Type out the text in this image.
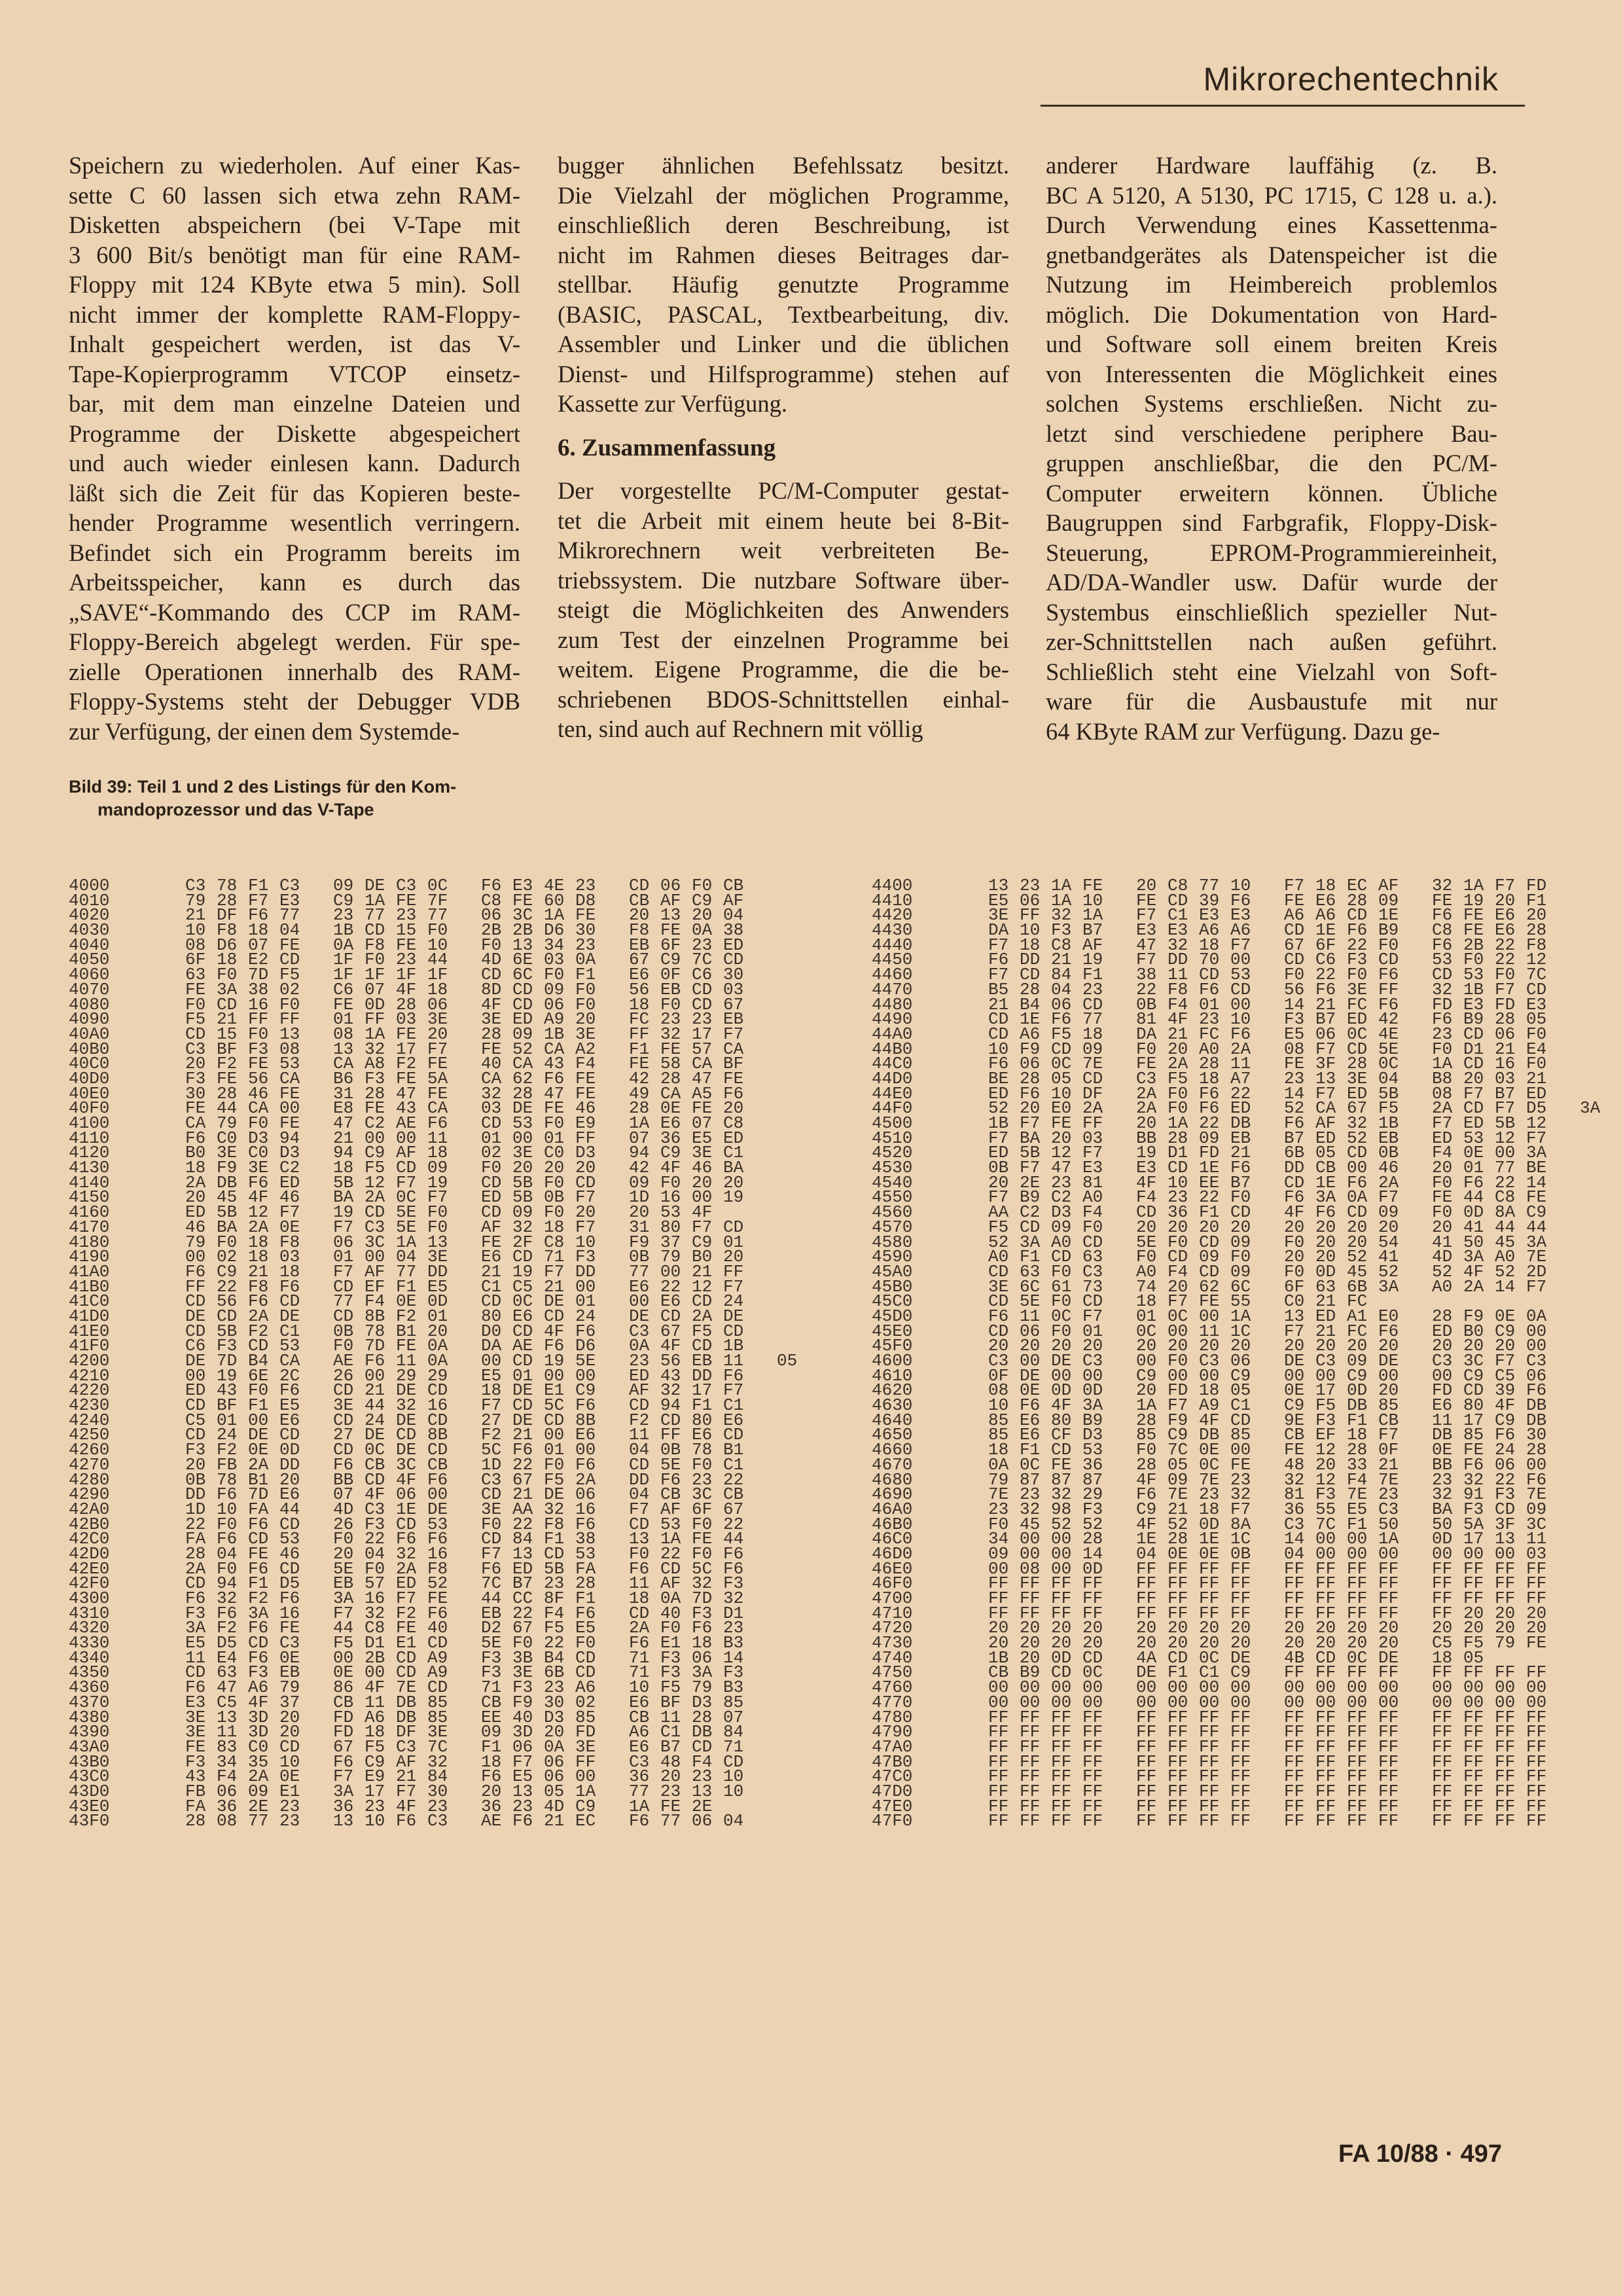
Mikrorechentechnik
Speichern zu wiederholen. Auf einer Kas-
sette C 60 lassen sich etwa zehn RAM-
Disketten abspeichern (bei V-Tape mit
3 600 Bit/s benötigt man für eine RAM-
Floppy mit 124 KByte etwa 5 min). Soll
nicht immer der komplette RAM-Floppy-
Inhalt gespeichert werden, ist das V-
Tape-Kopierprogramm VTCOP einsetz-
bar, mit dem man einzelne Dateien und
Programme der Diskette abgespeichert
und auch wieder einlesen kann. Dadurch
läßt sich die Zeit für das Kopieren beste-
hender Programme wesentlich verringern.
Befindet sich ein Programm bereits im
Arbeitsspeicher, kann es durch das
„SAVE“-Kommando des CCP im RAM-
Floppy-Bereich abgelegt werden. Für spe-
zielle Operationen innerhalb des RAM-
Floppy-Systems steht der Debugger VDB
zur Verfügung, der einen dem Systemde-
bugger ähnlichen Befehlssatz besitzt.
Die Vielzahl der möglichen Programme,
einschließlich deren Beschreibung, ist
nicht im Rahmen dieses Beitrages dar-
stellbar. Häufig genutzte Programme
(BASIC, PASCAL, Textbearbeitung, div.
Assembler und Linker und die üblichen
Dienst- und Hilfsprogramme) stehen auf
Kassette zur Verfügung.
6. Zusammenfassung
Der vorgestellte PC/M-Computer gestat-
tet die Arbeit mit einem heute bei 8-Bit-
Mikrorechnern weit verbreiteten Be-
triebssystem. Die nutzbare Software über-
steigt die Möglichkeiten des Anwenders
zum Test der einzelnen Programme bei
weitem. Eigene Programme, die die be-
schriebenen BDOS-Schnittstellen einhal-
ten, sind auch auf Rechnern mit völlig
anderer Hardware lauffähig (z. B.
BC A 5120, A 5130, PC 1715, C 128 u. a.).
Durch Verwendung eines Kassettenma-
gnetbandgerätes als Datenspeicher ist die
Nutzung im Heimbereich problemlos
möglich. Die Dokumentation von Hard-
und Software soll einem breiten Kreis
von Interessenten die Möglichkeit eines
solchen Systems erschließen. Nicht zu-
letzt sind verschiedene periphere Bau-
gruppen anschließbar, die den PC/M-
Computer erweitern können. Übliche
Baugruppen sind Farbgrafik, Floppy-Disk-
Steuerung, EPROM-Programmiereinheit,
AD/DA-Wandler usw. Dafür wurde der
Systembus einschließlich spezieller Nut-
zer-Schnittstellen nach außen geführt.
Schließlich steht eine Vielzahl von Soft-
ware für die Ausbaustufe mit nur
64 KByte RAM zur Verfügung. Dazu ge-
Bild 39: Teil 1 und 2 des Listings für den Kom-
mandoprozessor und das V-Tape
4000	C3 78 F1 C3 09 DE C3 0C F6 E3 4E 23 CD 06 F0 CB
4010	79 28 F7 E3 C9 1A FE 7F C8 FE 60 D8 CB AF C9 AF
4020	21 DF F6 77 23 77 23 77 06 3C 1A FE 20 13 20 04
4030	10 F8 18 04 1B CD 15 F0 2B 2B D6 30 F8 FE 0A 38
4040	08 D6 07 FE 0A F8 FE 10 F0 13 34 23 EB 6F 23 ED
4050	6F 18 E2 CD 1F F0 23 44 4D 6E 03 0A 67 C9 7C CD
4060	63 F0 7D F5 1F 1F 1F 1F CD 6C F0 F1 E6 0F C6 30
4070	FE 3A 38 02 C6 07 4F 18 8D CD 09 F0 56 EB CD 03
4080	F0 CD 16 F0 FE 0D 28 06 4F CD 06 F0 18 F0 CD 67
4090	F5 21 FF FF 01 FF 03 3E 3E ED A9 20 FC 23 23 EB
40A0	CD 15 F0 13 08 1A FE 20 28 09 1B 3E FF 32 17 F7
40B0	C3 BF F3 08 13 32 17 F7 FE 52 CA A2 F1 FE 57 CA
40C0	20 F2 FE 53 CA A8 F2 FE 40 CA 43 F4 FE 58 CA BF
40D0	F3 FE 56 CA B6 F3 FE 5A CA 62 F6 FE 42 28 47 FE
40E0	30 28 46 FE 31 28 47 FE 32 28 47 FE 49 CA A5 F6
40F0	FE 44 CA 00 E8 FE 43 CA 03 DE FE 46 28 0E FE 20
4100	CA 79 F0 FE 47 C2 AE F6 CD 53 F0 E9 1A E6 07 C8
4110	F6 C0 D3 94 21 00 00 11 01 00 01 FF 07 36 E5 ED
4120	B0 3E C0 D3 94 C9 AF 18 02 3E C0 D3 94 C9 3E C1
4130	18 F9 3E C2 18 F5 CD 09 F0 20 20 20 42 4F 46 BA
4140	2A DB F6 ED 5B 12 F7 19 CD 5B F0 CD 09 F0 20 20
4150	20 45 4F 46 BA 2A 0C F7 ED 5B 0B F7 1D 16 00 19
4160	ED 5B 12 F7 19 CD 5E F0 CD 09 F0 20 20 53 4F
4170	46 BA 2A 0E F7 C3 5E F0 AF 32 18 F7 31 80 F7 CD
4180	79 F0 18 F8 06 3C 1A 13 FE 2F C8 10 F9 37 C9 01
4190	00 02 18 03 01 00 04 3E E6 CD 71 F3 0B 79 B0 20
41A0	F6 C9 21 18 F7 AF 77 DD 21 19 F7 DD 77 00 21 FF
41B0	FF 22 F8 F6 CD EF F1 E5 C1 C5 21 00 E6 22 12 F7
41C0	CD 56 F6 CD 77 F4 0E 0D CD 0C DE 01 00 E6 CD 24
41D0	DE CD 2A DE CD 8B F2 01 80 E6 CD 24 DE CD 2A DE
41E0	CD 5B F2 C1 0B 78 B1 20 D0 CD 4F F6 C3 67 F5 CD
41F0	C6 F3 CD 53 F0 7D FE 0A DA AE F6 D6 0A 4F CD 1B
4200	DE 7D B4 CA AE F6 11 0A 00 CD 19 5E 23 56 EB 11 05
4210	00 19 6E 2C 26 00 29 29 E5 01 00 00 ED 43 DD F6
4220	ED 43 F0 F6 CD 21 DE CD 18 DE E1 C9 AF 32 17 F7
4230	CD BF F1 E5 3E 44 32 16 F7 CD 5C F6 CD 94 F1 C1
4240	C5 01 00 E6 CD 24 DE CD 27 DE CD 8B F2 CD 80 E6
4250	CD 24 DE CD 27 DE CD 8B F2 21 00 E6 11 FF E6 CD
4260	F3 F2 0E 0D CD 0C DE CD 5C F6 01 00 04 0B 78 B1
4270	20 FB 2A DD F6 CB 3C CB 1D 22 F0 F6 CD 5E F0 C1
4280	0B 78 B1 20 BB CD 4F F6 C3 67 F5 2A DD F6 23 22
4290	DD F6 7D E6 07 4F 06 00 CD 21 DE 06 04 CB 3C CB
42A0	1D 10 FA 44 4D C3 1E DE 3E AA 32 16 F7 AF 6F 67
42B0	22 F0 F6 CD 26 F3 CD 53 F0 22 F8 F6 CD 53 F0 22
42C0	FA F6 CD 53 F0 22 F6 F6 CD 84 F1 38 13 1A FE 44
42D0	28 04 FE 46 20 04 32 16 F7 13 CD 53 F0 22 F0 F6
42E0	2A F0 F6 CD 5E F0 2A F8 F6 ED 5B FA F6 CD 5C F6
42F0	CD 94 F1 D5 EB 57 ED 52 7C B7 23 28 11 AF 32 F3
4300	F6 32 F2 F6 3A 16 F7 FE 44 CC 8F F1 18 0A 7D 32
4310	F3 F6 3A 16 F7 32 F2 F6 EB 22 F4 F6 CD 40 F3 D1
4320	3A F2 F6 FE 44 C8 FE 40 D2 67 F5 E5 2A F0 F6 23
4330	E5 D5 CD C3 F5 D1 E1 CD 5E F0 22 F0 F6 E1 18 B3
4340	11 E4 F6 0E 00 2B CD A9 F3 3B B4 CD 71 F3 06 14
4350	CD 63 F3 EB 0E 00 CD A9 F3 3E 6B CD 71 F3 3A F3
4360	F6 47 A6 79 86 4F 7E CD 71 F3 23 A6 10 F5 79 B3
4370	E3 C5 4F 37 CB 11 DB 85 CB F9 30 02 E6 BF D3 85
4380	3E 13 3D 20 FD A6 DB 85 EE 40 D3 85 CB 11 28 07
4390	3E 11 3D 20 FD 18 DF 3E 09 3D 20 FD A6 C1 DB 84
43A0	FE 83 C0 CD 67 F5 C3 7C F1 06 0A 3E E6 B7 CD 71
43B0	F3 34 35 10 F6 C9 AF 32 18 F7 06 FF C3 48 F4 CD
43C0	43 F4 2A 0E F7 E9 21 84 F6 E5 06 00 36 20 23 10
43D0	FB 06 09 E1 3A 17 F7 30 20 13 05 1A 77 23 13 10
43E0	FA 36 2E 23 36 23 4F 23 36 23 4D C9 1A FE 2E
43F0	28 08 77 23 13 10 F6 C3 AE F6 21 EC F6 77 06 04
4400	13 23 1A FE 20 C8 77 10 F7 18 EC AF 32 1A F7 FD
4410	E5 06 1A 10 FE CD 39 F6 FE E6 28 09 FE 19 20 F1
4420	3E FF 32 1A F7 C1 E3 E3 A6 A6 CD 1E F6 FE E6 20
4430	DA 10 F3 B7 E3 E3 A6 A6 CD 1E F6 B9 C8 FE E6 28
4440	F7 18 C8 AF 47 32 18 F7 67 6F 22 F0 F6 2B 22 F8
4450	F6 DD 21 19 F7 DD 70 00 CD C6 F3 CD 53 F0 22 12
4460	F7 CD 84 F1 38 11 CD 53 F0 22 F0 F6 CD 53 F0 7C
4470	B5 28 04 23 22 F8 F6 CD 56 F6 3E FF 32 1B F7 CD
4480	21 B4 06 CD 0B F4 01 00 14 21 FC F6 FD E3 FD E3
4490	CD 1E F6 77 81 4F 23 10 F3 B7 ED 42 F6 B9 28 05
44A0	CD A6 F5 18 DA 21 FC F6 E5 06 0C 4E 23 CD 06 F0
44B0	10 F9 CD 09 F0 20 A0 2A 08 F7 CD 5E F0 D1 21 E4
44C0	F6 06 0C 7E FE 2A 28 11 FE 3F 28 0C 1A CD 16 F0
44D0	BE 28 05 CD C3 F5 18 A7 23 13 3E 04 B8 20 03 21
44E0	ED F6 10 DF 2A F0 F6 22 14 F7 ED 5B 08 F7 B7 ED
44F0	52 20 E0 2A 2A F0 F6 ED 52 CA 67 F5 2A CD F7 D5 3A
4500	1B F7 FE FF 20 1A 22 DB F6 AF 32 1B F7 ED 5B 12
4510	F7 BA 20 03 BB 28 09 EB B7 ED 52 EB ED 53 12 F7
4520	ED 5B 12 F7 19 D1 FD 21 6B 05 CD 0B F4 0E 00 3A
4530	0B F7 47 E3 E3 CD 1E F6 DD CB 00 46 20 01 77 BE
4540	20 2E 23 81 4F 10 EE B7 CD 1E F6 2A F0 F6 22 14
4550	F7 B9 C2 A0 F4 23 22 F0 F6 3A 0A F7 FE 44 C8 FE
4560	AA C2 D3 F4 CD 36 F1 CD 4F F6 CD 09 F0 0D 8A C9
4570	F5 CD 09 F0 20 20 20 20 20 20 20 20 20 41 44 44
4580	52 3A A0 CD 5E F0 CD 09 F0 20 20 54 41 50 45 3A
4590	A0 F1 CD 63 F0 CD 09 F0 20 20 52 41 4D 3A A0 7E
45A0	CD 63 F0 C3 A0 F4 CD 09 F0 0D 45 52 52 4F 52 2D
45B0	3E 6C 61 73 74 20 62 6C 6F 63 6B 3A A0 2A 14 F7
45C0	CD 5E F0 CD 18 F7 FE 55 C0 21 FC
45D0	F6 11 0C F7 01 0C 00 1A 13 ED A1 E0 28 F9 0E 0A
45E0	CD 06 F0 01 0C 00 11 1C F7 21 FC F6 ED B0 C9 00
45F0	20 20 20 20 20 20 20 20 20 20 20 20 20 20 20 00
4600	C3 00 DE C3 00 F0 C3 06 DE C3 09 DE C3 3C F7 C3
4610	0F DE 00 00 C9 00 00 C9 00 00 C9 00 00 C9 C5 06
4620	08 0E 0D 0D 20 FD 18 05 0E 17 0D 20 FD CD 39 F6
4630	10 F6 4F 3A 1A F7 A9 C1 C9 F5 DB 85 E6 80 4F DB
4640	85 E6 80 B9 28 F9 4F CD 9E F3 F1 CB 11 17 C9 DB
4650	85 E6 CF D3 85 C9 DB 85 CB EF 18 F7 DB 85 F6 30
4660	18 F1 CD 53 F0 7C 0E 00 FE 12 28 0F 0E FE 24 28
4670	0A 0C FE 36 28 05 0C FE 48 20 33 21 BB F6 06 00
4680	79 87 87 87 4F 09 7E 23 32 12 F4 7E 23 32 22 F6
4690	7E 23 32 29 F6 7E 23 32 81 F3 7E 23 32 91 F3 7E
46A0	23 32 98 F3 C9 21 18 F7 36 55 E5 C3 BA F3 CD 09
46B0	F0 45 52 52 4F 52 0D 8A C3 7C F1 50 50 5A 3F 3C
46C0	34 00 00 28 1E 28 1E 1C 14 00 00 1A 0D 17 13 11
46D0	09 00 00 14 04 0E 0E 0B 04 00 00 00 00 00 00 03
46E0	00 08 00 0D FF FF FF FF FF FF FF FF FF FF FF FF
46F0	FF FF FF FF FF FF FF FF FF FF FF FF FF FF FF FF
4700	FF FF FF FF FF FF FF FF FF FF FF FF FF FF FF FF
4710	FF FF FF FF FF FF FF FF FF FF FF FF FF 20 20 20
4720	20 20 20 20 20 20 20 20 20 20 20 20 20 20 20 20
4730	20 20 20 20 20 20 20 20 20 20 20 20 C5 F5 79 FE
4740	1B 20 0D CD 4A CD 0C DE 4B CD 0C DE 18 05
4750	CB B9 CD 0C DE F1 C1 C9 FF FF FF FF FF FF FF FF
4760	00 00 00 00 00 00 00 00 00 00 00 00 00 00 00 00
4770	00 00 00 00 00 00 00 00 00 00 00 00 00 00 00 00
4780	FF FF FF FF FF FF FF FF FF FF FF FF FF FF FF FF
4790	FF FF FF FF FF FF FF FF FF FF FF FF FF FF FF FF
47A0	FF FF FF FF FF FF FF FF FF FF FF FF FF FF FF FF
47B0	FF FF FF FF FF FF FF FF FF FF FF FF FF FF FF FF
47C0	FF FF FF FF FF FF FF FF FF FF FF FF FF FF FF FF
47D0	FF FF FF FF FF FF FF FF FF FF FF FF FF FF FF FF
47E0	FF FF FF FF FF FF FF FF FF FF FF FF FF FF FF FF
47F0	FF FF FF FF FF FF FF FF FF FF FF FF FF FF FF FF
FA 10/88 · 497
